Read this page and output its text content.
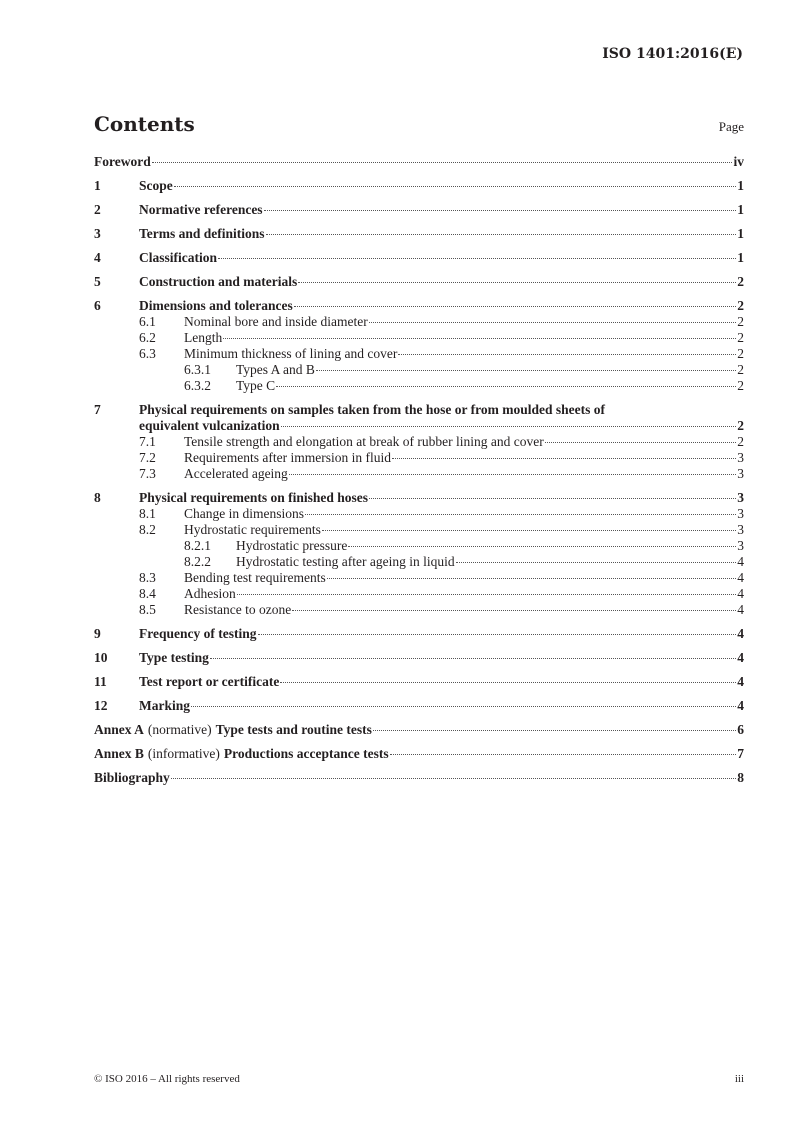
ISO 1401:2016(E)
Contents	Page
Foreword	iv
1	Scope	1
2	Normative references	1
3	Terms and definitions	1
4	Classification	1
5	Construction and materials	2
6	Dimensions and tolerances	2
6.1	Nominal bore and inside diameter	2
6.2	Length	2
6.3	Minimum thickness of lining and cover	2
6.3.1	Types A and B	2
6.3.2	Type C	2
7	Physical requirements on samples taken from the hose or from moulded sheets of
equivalent vulcanization	2
7.1	Tensile strength and elongation at break of rubber lining and cover	2
7.2	Requirements after immersion in fluid	3
7.3	Accelerated ageing	3
8	Physical requirements on finished hoses	3
8.1	Change in dimensions	3
8.2	Hydrostatic requirements	3
8.2.1	Hydrostatic pressure	3
8.2.2	Hydrostatic testing after ageing in liquid	4
8.3	Bending test requirements	4
8.4	Adhesion	4
8.5	Resistance to ozone	4
9	Frequency of testing	4
10	Type testing	4
11	Test report or certificate	4
12	Marking	4
Annex A (normative) Type tests and routine tests	6
Annex B (informative) Productions acceptance tests	7
Bibliography	8
© ISO 2016 – All rights reserved	iii
